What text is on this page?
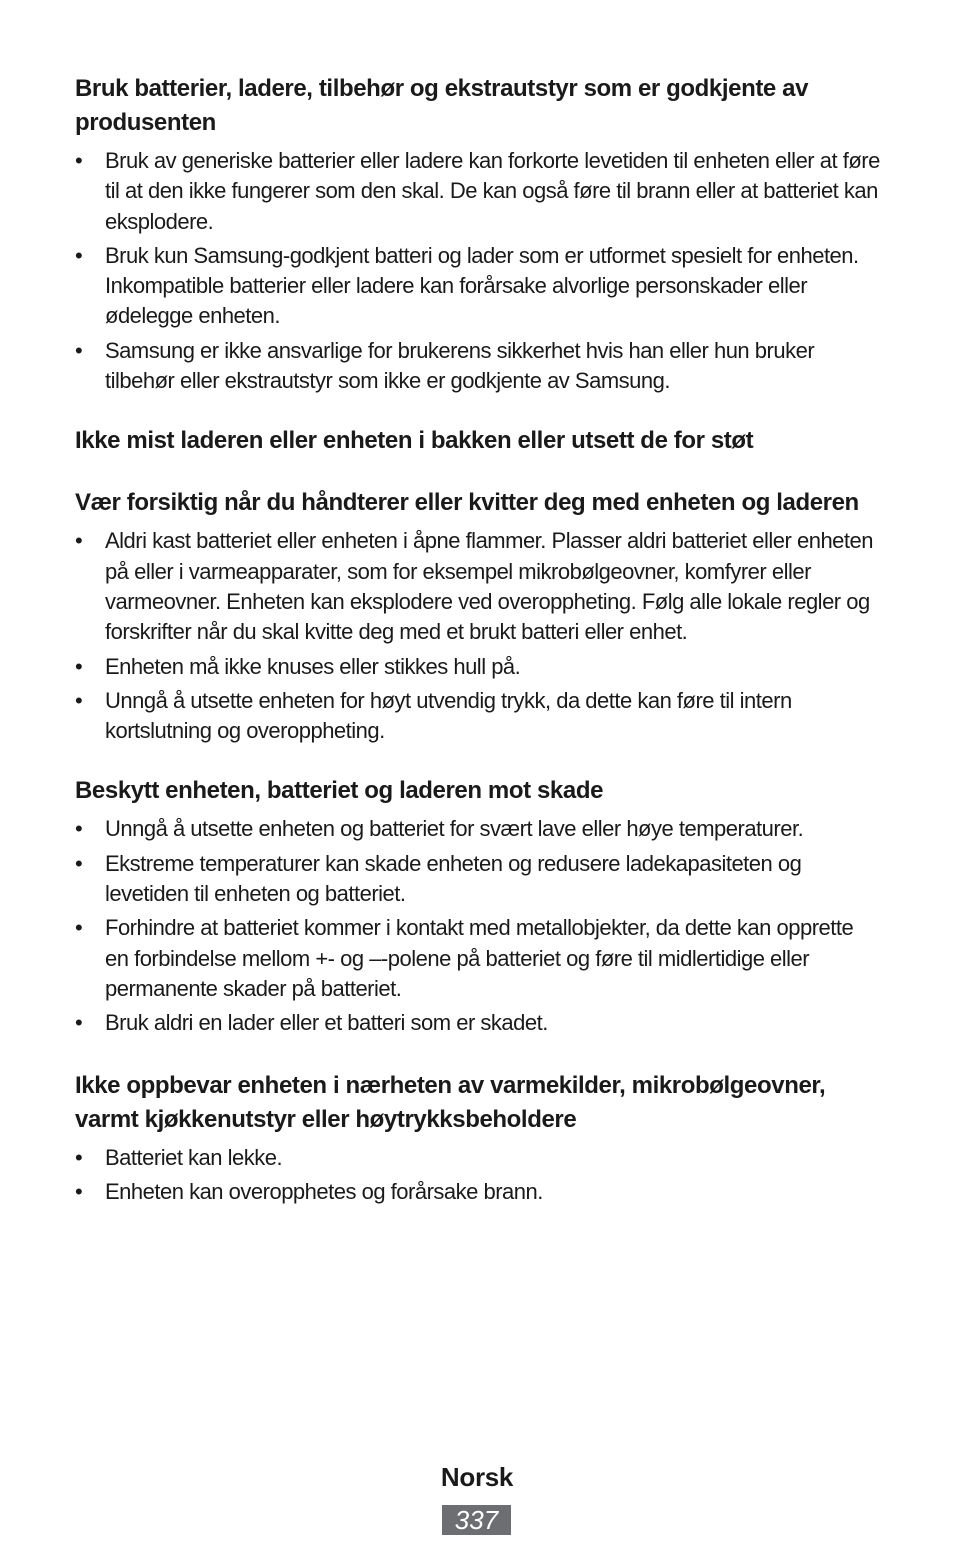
Bruk batterier, ladere, tilbehør og ekstrautstyr som er godkjente av produsenten
• Bruk av generiske batterier eller ladere kan forkorte levetiden til enheten eller at føre til at den ikke fungerer som den skal. De kan også føre til brann eller at batteriet kan eksplodere.
• Bruk kun Samsung-godkjent batteri og lader som er utformet spesielt for enheten. Inkompatible batterier eller ladere kan forårsake alvorlige personskader eller ødelegge enheten.
• Samsung er ikke ansvarlige for brukerens sikkerhet hvis han eller hun bruker tilbehør eller ekstrautstyr som ikke er godkjente av Samsung.
Ikke mist laderen eller enheten i bakken eller utsett de for støt
Vær forsiktig når du håndterer eller kvitter deg med enheten og laderen
• Aldri kast batteriet eller enheten i åpne flammer. Plasser aldri batteriet eller enheten på eller i varmeapparater, som for eksempel mikrobølgeovner, komfyrer eller varmeovner. Enheten kan eksplodere ved overoppheting. Følg alle lokale regler og forskrifter når du skal kvitte deg med et brukt batteri eller enhet.
• Enheten må ikke knuses eller stikkes hull på.
• Unngå å utsette enheten for høyt utvendig trykk, da dette kan føre til intern kortslutning og overoppheting.
Beskytt enheten, batteriet og laderen mot skade
• Unngå å utsette enheten og batteriet for svært lave eller høye temperaturer.
• Ekstreme temperaturer kan skade enheten og redusere ladekapasiteten og levetiden til enheten og batteriet.
• Forhindre at batteriet kommer i kontakt med metallobjekter, da dette kan opprette en forbindelse mellom +- og –-polene på batteriet og føre til midlertidige eller permanente skader på batteriet.
• Bruk aldri en lader eller et batteri som er skadet.
Ikke oppbevar enheten i nærheten av varmekilder, mikrobølgeovner, varmt kjøkkenutstyr eller høytrykksbeholdere
• Batteriet kan lekke.
• Enheten kan overopphetes og forårsake brann.
Norsk
337
